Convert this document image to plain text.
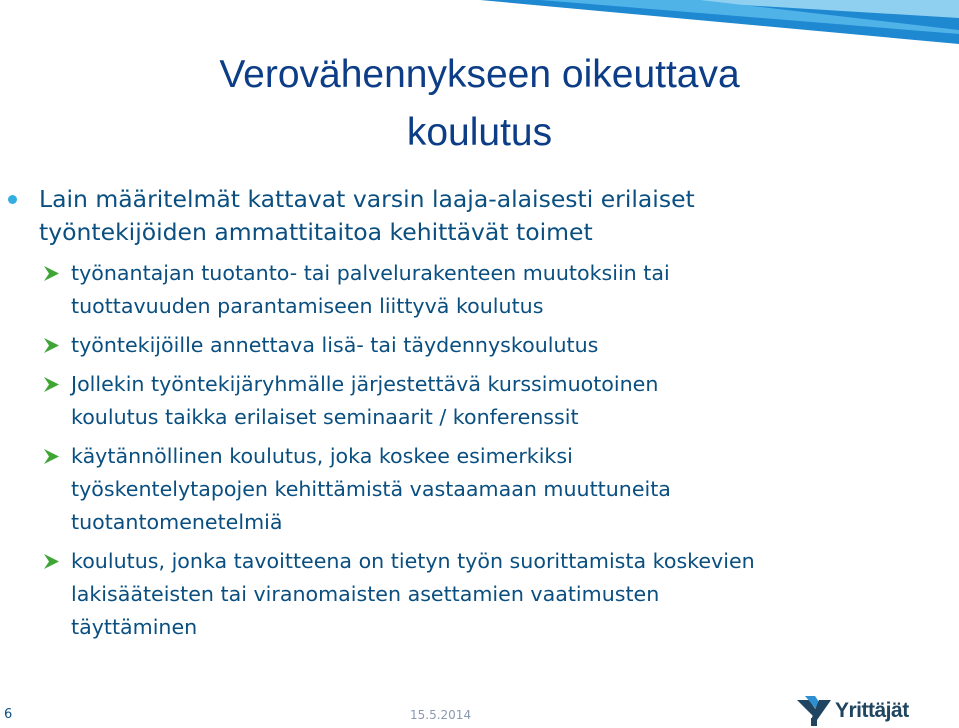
Verovähennykseen oikeuttava
koulutus
Lain määritelmät kattavat varsin laaja-alaisesti erilaiset
työntekijöiden ammattitaitoa kehittävät toimet
työnantajan tuotanto- tai palvelurakenteen muutoksiin tai
tuottavuuden parantamiseen liittyvä koulutus
työntekijöille annettava lisä- tai täydennyskoulutus
Jollekin työntekijäryhmälle järjestettävä kurssimuotoinen
koulutus taikka erilaiset seminaarit / konferenssit
käytännöllinen koulutus, joka koskee esimerkiksi
työskentelytapojen kehittämistä vastaamaan muuttuneita
tuotantomenetelmiä
koulutus, jonka tavoitteena on tietyn työn suorittamista koskevien
lakisääteisten tai viranomaisten asettamien vaatimusten
täyttäminen
6	15.5.2014	Yrittäjät
